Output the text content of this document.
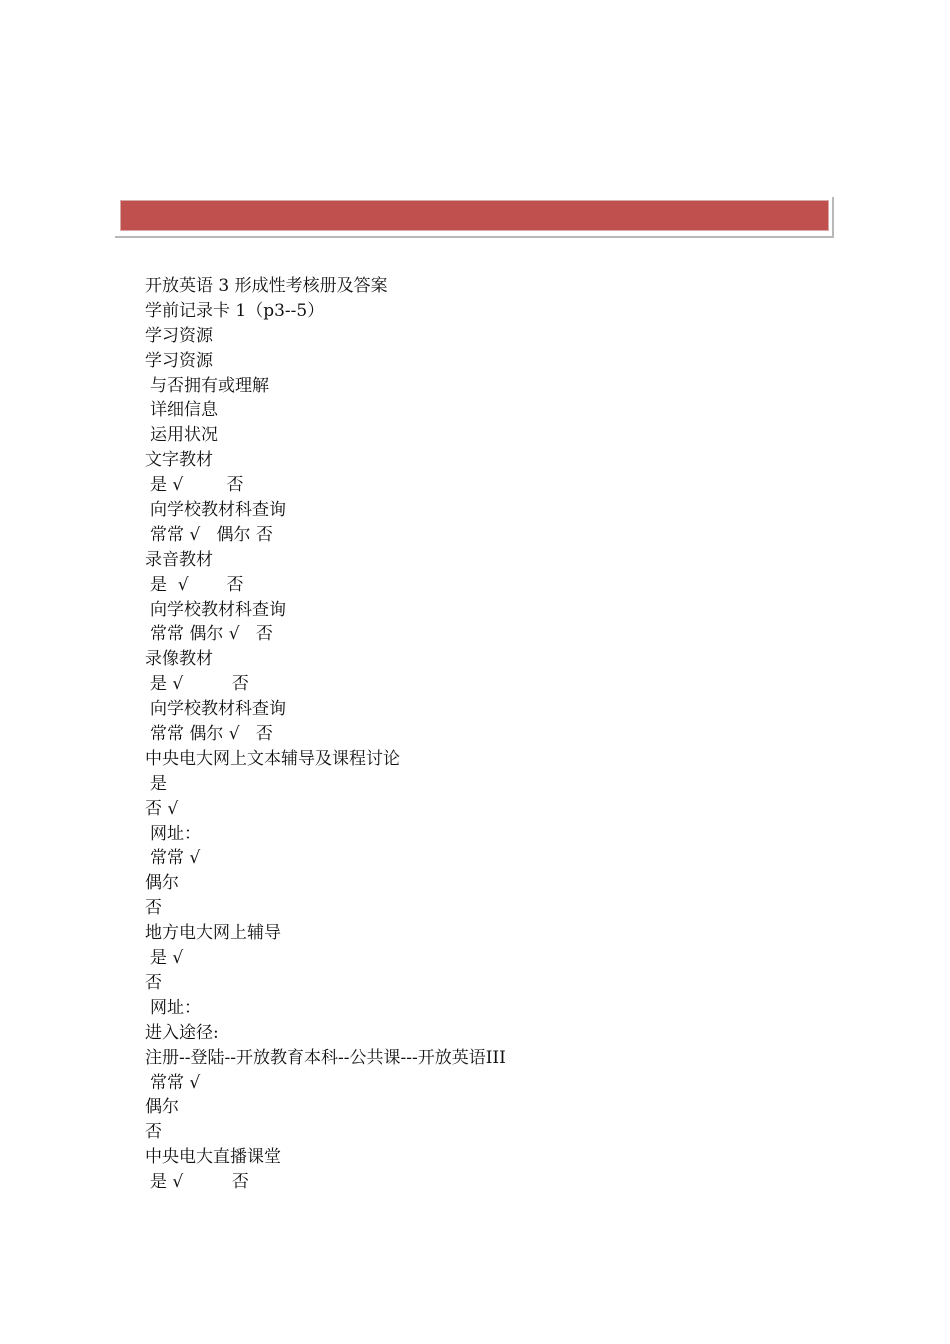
开放英语 3 形成性考核册及答案
学前记录卡 1（p3--5）
学习资源
学习资源
与否拥有或理解
详细信息
运用状况
文字教材
是 √        否
向学校教材科查询
常常 √   偶尔 否
录音教材
是  √       否
向学校教材科查询
常常 偶尔 √   否
录像教材
是 √         否
向学校教材科查询
常常 偶尔 √   否
中央电大网上文本辅导及课程讨论
是
否 √
网址：
常常 √
偶尔
否
地方电大网上辅导
是 √
否
网址：
进入途径:
注册--登陆--开放教育本科--公共课---开放英语III
常常 √
偶尔
否
中央电大直播课堂
是 √         否
